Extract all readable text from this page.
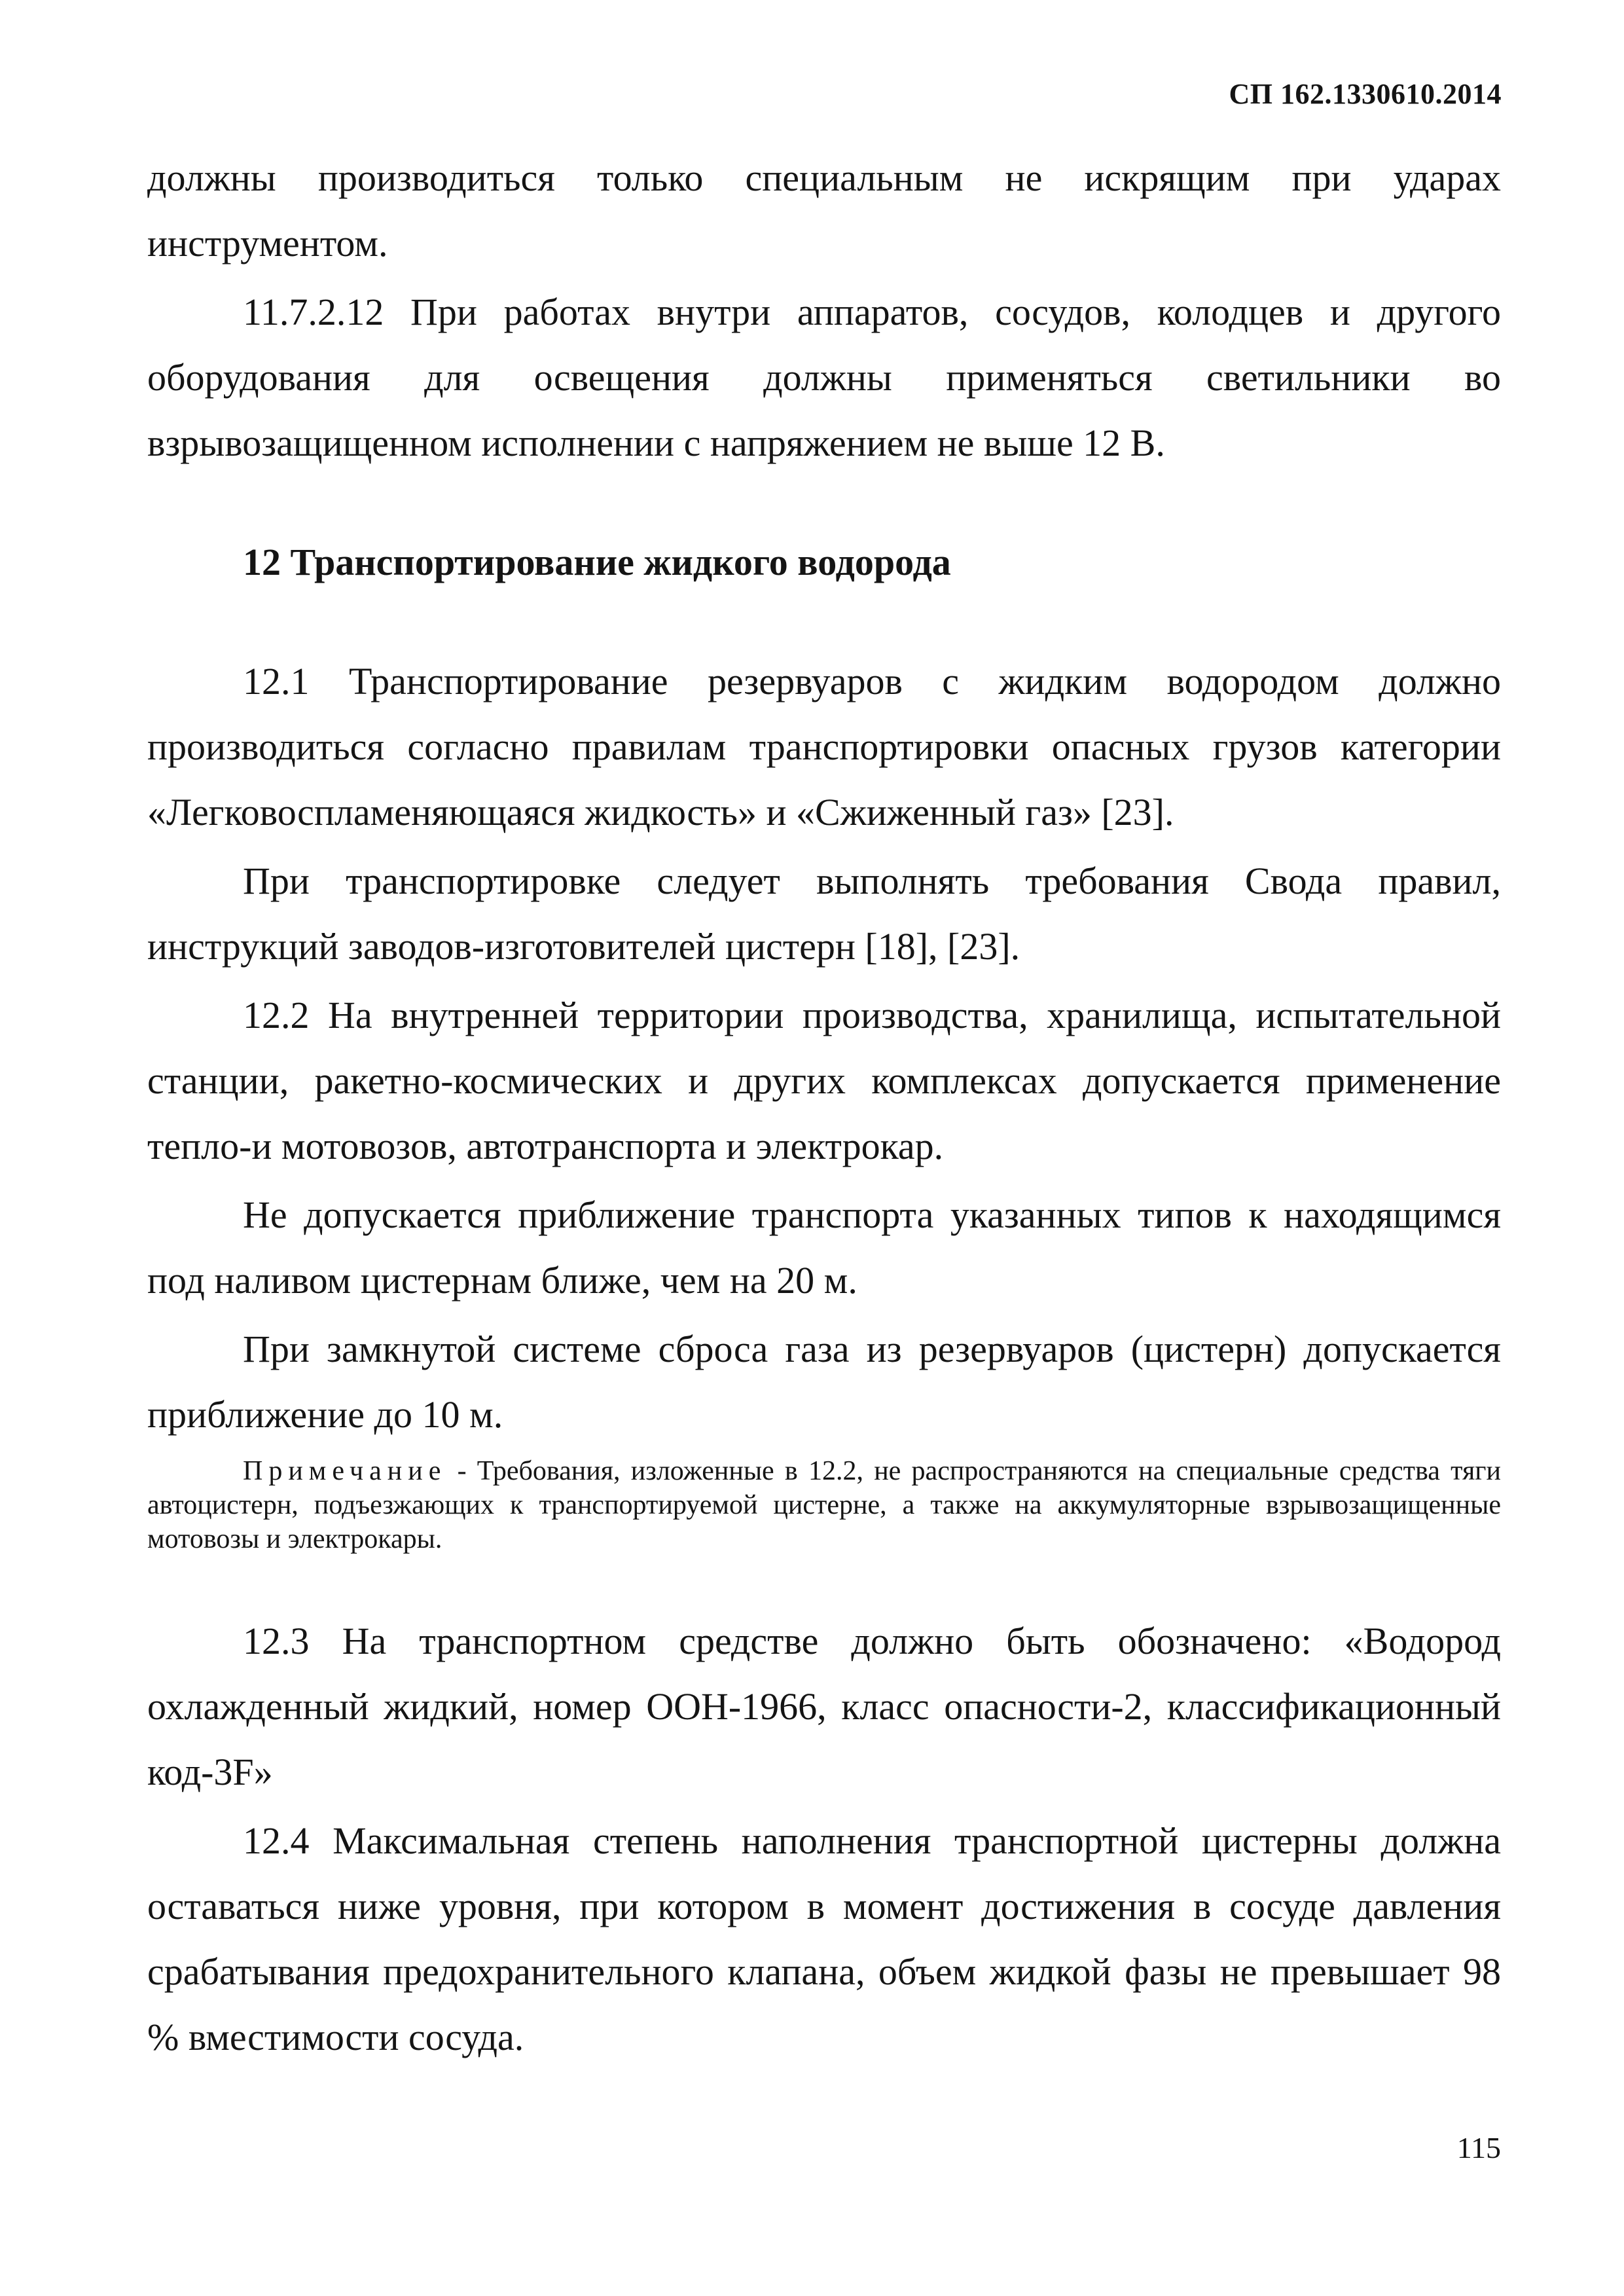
СП 162.1330610.2014

должны производиться только специальным не искрящим при ударах инструментом.

11.7.2.12 При работах внутри аппаратов, сосудов, колодцев и другого оборудования для освещения должны применяться светильники во взрывозащищенном исполнении с напряжением не выше 12 В.

12 Транспортирование жидкого водорода

12.1 Транспортирование резервуаров с жидким водородом должно производиться согласно правилам транспортировки опасных грузов категории «Легковоспламеняющаяся жидкость» и «Сжиженный газ» [23].

При транспортировке следует выполнять требования Свода правил, инструкций заводов-изготовителей цистерн [18], [23].

12.2 На внутренней территории производства, хранилища, испытательной станции, ракетно-космических и других комплексах допускается применение тепло-и мотовозов, автотранспорта и электрокар.

Не допускается приближение транспорта указанных типов к находящимся под наливом цистернам ближе, чем на 20 м.

При замкнутой системе сброса газа из резервуаров (цистерн) допускается приближение до 10 м.

Примечание - Требования, изложенные в 12.2, не распространяются на специальные средства тяги автоцистерн, подъезжающих к транспортируемой цистерне, а также на аккумуляторные взрывозащищенные мотовозы и электрокары.

12.3 На транспортном средстве должно быть обозначено: «Водород охлажденный жидкий, номер ООН-1966, класс опасности-2, классификационный код-3F»

12.4 Максимальная степень наполнения транспортной цистерны должна оставаться ниже уровня, при котором в момент достижения в сосуде давления срабатывания предохранительного клапана, объем жидкой фазы не превышает 98 % вместимости сосуда.

115
